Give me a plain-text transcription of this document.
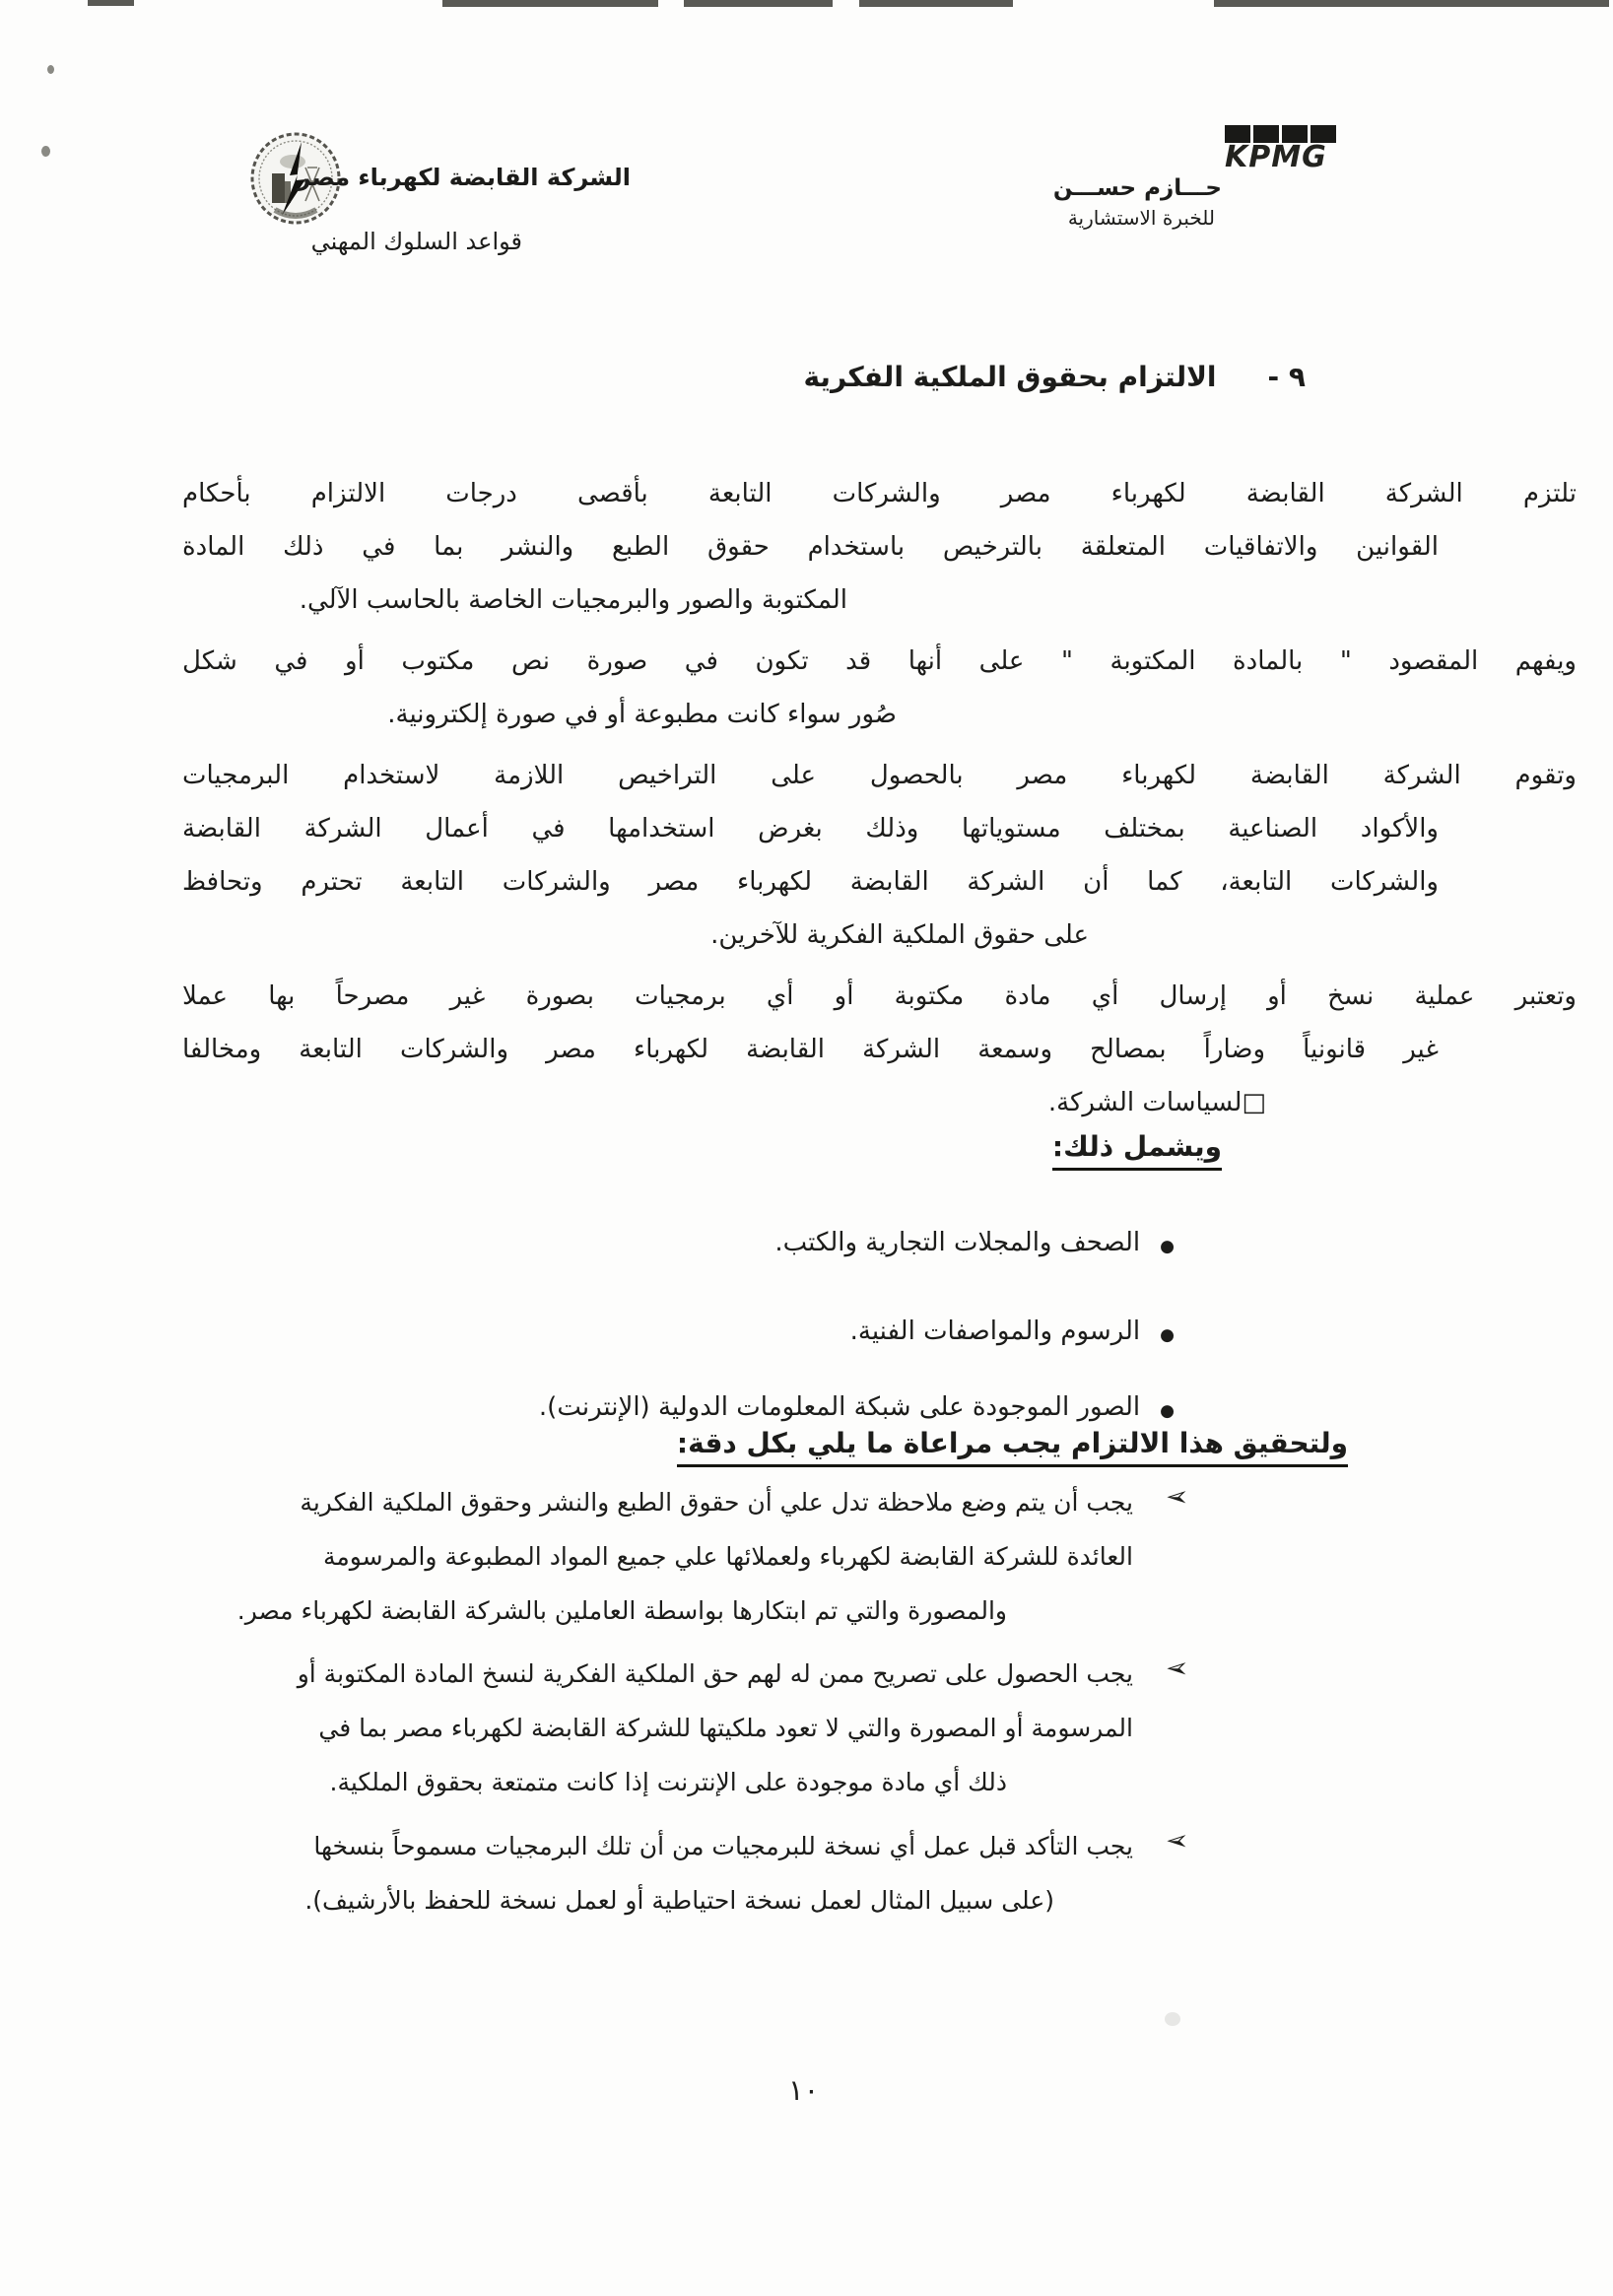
الشركة القابضة لكهرباء مصر
قواعد السلوك المهني
KPMG
حـــازم حســـن
للخبرة الاستشارية
٩ -
الالتزام بحقوق الملكية الفكرية

تلتزم الشركة القابضة لكهرباء مصر والشركات التابعة بأقصى درجات الالتزام بأحكام
القوانين والاتفاقيات المتعلقة بالترخيص باستخدام حقوق الطبع والنشر بما في ذلك المادة
المكتوبة والصور والبرمجيات الخاصة بالحاسب الآلي.

ويفهم المقصود " بالمادة المكتوبة " على أنها قد تكون في صورة نص مكتوب أو في شكل
صُور سواء كانت مطبوعة أو في صورة إلكترونية.

وتقوم الشركة القابضة لكهرباء مصر بالحصول على التراخيص اللازمة لاستخدام البرمجيات
والأكواد الصناعية بمختلف مستوياتها وذلك بغرض استخدامها في أعمال الشركة القابضة
والشركات التابعة، كما أن الشركة القابضة لكهرباء مصر والشركات التابعة تحترم وتحافظ
على حقوق الملكية الفكرية للآخرين.

وتعتبر عملية نسخ أو إرسال أي مادة مكتوبة أو أي برمجيات بصورة غير مصرحاً بها عملا
غير قانونياً وضاراً بمصالح وسمعة الشركة القابضة لكهرباء مصر والشركات التابعة ومخالفا
□لسياسات الشركة.

ويشمل ذلك:
●
الصحف والمجلات التجارية والكتب.
●
الرسوم والمواصفات الفنية.
●
الصور الموجودة على شبكة المعلومات الدولية (الإنترنت).
ولتحقيق هذا الالتزام يجب مراعاة ما يلي بكل دقة:
➢
يجب أن يتم وضع ملاحظة تدل علي أن حقوق الطبع والنشر وحقوق الملكية الفكرية
العائدة للشركة القابضة لكهرباء ولعملائها علي جميع المواد المطبوعة والمرسومة
والمصورة والتي تم ابتكارها بواسطة العاملين بالشركة القابضة لكهرباء مصر.
➢
يجب الحصول على تصريح ممن له لهم حق الملكية الفكرية لنسخ المادة المكتوبة أو
المرسومة أو المصورة والتي لا تعود ملكيتها للشركة القابضة لكهرباء مصر بما في
ذلك أي مادة موجودة على الإنترنت إذا كانت متمتعة بحقوق الملكية.
➢
يجب التأكد قبل عمل أي نسخة للبرمجيات من أن تلك البرمجيات مسموحاً بنسخها
(على سبيل المثال لعمل نسخة احتياطية أو لعمل نسخة للحفظ بالأرشيف).
١٠
